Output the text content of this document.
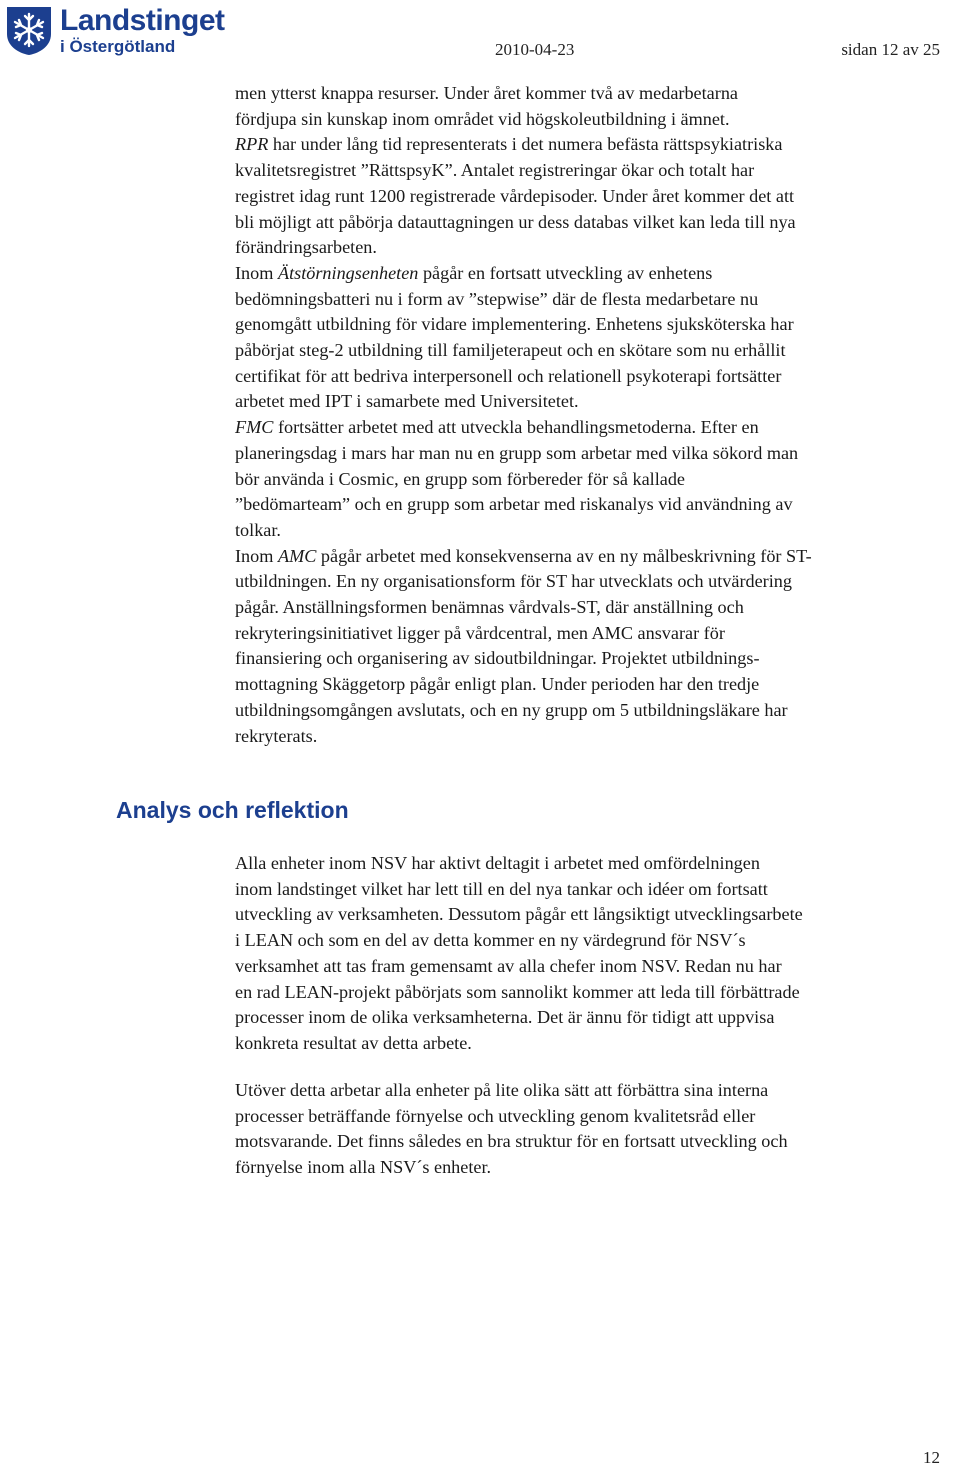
Landstinget
i Östergötland	2010-04-23	sidan 12 av 25

men ytterst knappa resurser. Under året kommer två av medarbetarna

fördjupa sin kunskap inom området vid högskoleutbildning i ämnet.

RPR har under lång tid representerats i det numera befästa rättspsykiatriska

kvalitetsregistret ”RättspsyK”. Antalet registreringar ökar och totalt har

registret idag runt 1200 registrerade vårdepisoder. Under året kommer det att

bli möjligt att påbörja datauttagningen ur dess databas vilket kan leda till nya

förändringsarbeten.

Inom Ätstörningsenheten pågår en fortsatt utveckling av enhetens

bedömningsbatteri nu i form av ”stepwise” där de flesta medarbetare nu

genomgått utbildning för vidare implementering. Enhetens sjuksköterska har

påbörjat steg-2 utbildning till familjeterapeut och en skötare som nu erhållit

certifikat för att bedriva interpersonell och relationell psykoterapi fortsätter

arbetet med IPT i samarbete med Universitetet.

FMC fortsätter arbetet med att utveckla behandlingsmetoderna. Efter en

planeringsdag i mars har man nu en grupp som arbetar med vilka sökord man

bör använda i Cosmic, en grupp som förbereder för så kallade

”bedömarteam” och en grupp som arbetar med riskanalys vid användning av

tolkar.

Inom AMC pågår arbetet med konsekvenserna av en ny målbeskrivning för ST-

utbildningen. En ny organisationsform för ST har utvecklats och utvärdering

pågår. Anställningsformen benämnas vårdvals-ST, där anställning och

rekryteringsinitiativet ligger på vårdcentral, men AMC ansvarar för

finansiering och organisering av sidoutbildningar. Projektet utbildnings-

mottagning Skäggetorp pågår enligt plan. Under perioden har den tredje

utbildningsomgången avslutats, och en ny grupp om 5 utbildningsläkare har

rekryterats.

Analys och reflektion

Alla enheter inom NSV har aktivt deltagit i arbetet med omfördelningen

inom landstinget vilket har lett till en del nya tankar och idéer om fortsatt

utveckling av verksamheten. Dessutom pågår ett långsiktigt utvecklingsarbete

i LEAN och som en del av detta kommer en ny värdegrund för NSV´s

verksamhet att tas fram gemensamt av alla chefer inom NSV. Redan nu har

en rad LEAN-projekt påbörjats som sannolikt kommer att leda till förbättrade

processer inom de olika verksamheterna. Det är ännu för tidigt att uppvisa

konkreta resultat av detta arbete.

Utöver detta arbetar alla enheter på lite olika sätt att förbättra sina interna

processer beträffande förnyelse och utveckling genom kvalitetsråd eller

motsvarande. Det finns således en bra struktur för en fortsatt utveckling och

förnyelse inom alla NSV´s enheter.

12
